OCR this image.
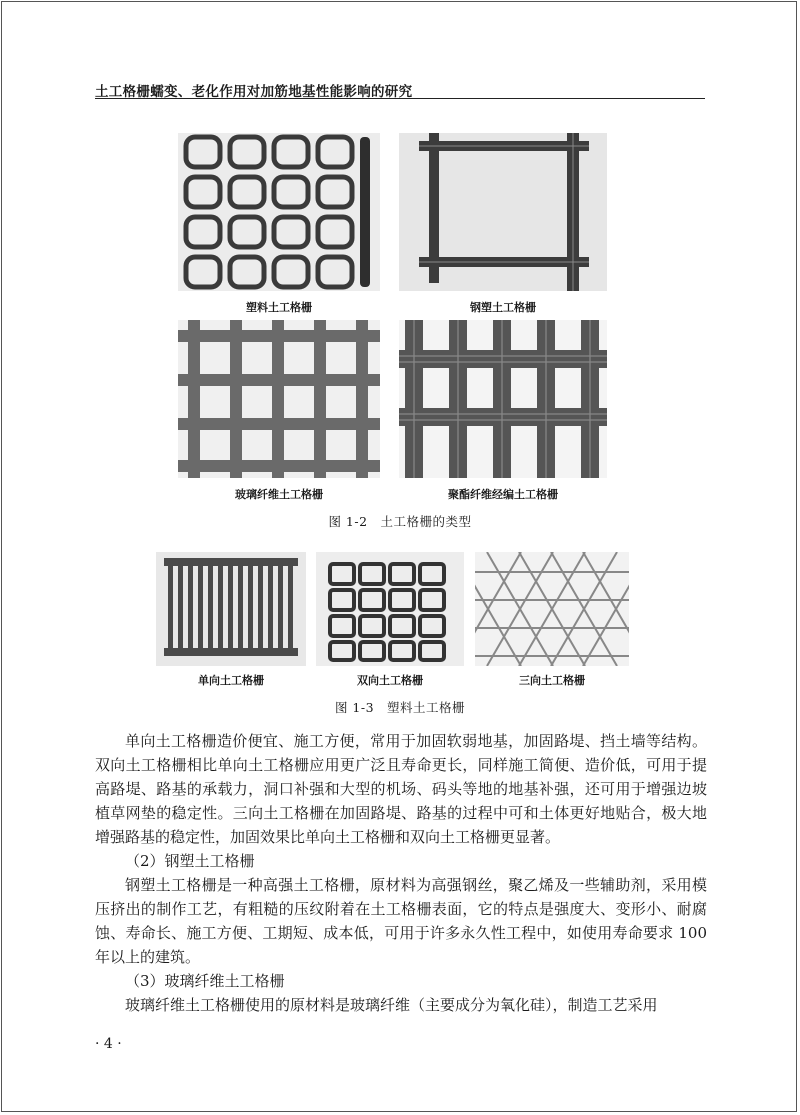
土工格栅蠕变、老化作用对加筋地基性能影响的研究
塑料土工格栅	钢塑土工格栅
玻璃纤维土工格栅	聚酯纤维经编土工格栅
图 1-2　土工格栅的类型
单向土工格栅	双向土工格栅	三向土工格栅
图 1-3　塑料土工格栅

单向土工格栅造价便宜、施工方便，常用于加固软弱地基，加固路堤、挡土墙等结构。双向土工格栅相比单向土工格栅应用更广泛且寿命更长，同样施工简便、造价低，可用于提高路堤、路基的承载力，洞口补强和大型的机场、码头等地的地基补强，还可用于增强边坡植草网垫的稳定性。三向土工格栅在加固路堤、路基的过程中可和土体更好地贴合，极大地增强路基的稳定性，加固效果比单向土工格栅和双向土工格栅更显著。

（2）钢塑土工格栅

钢塑土工格栅是一种高强土工格栅，原材料为高强钢丝，聚乙烯及一些辅助剂，采用模压挤出的制作工艺，有粗糙的压纹附着在土工格栅表面，它的特点是强度大、变形小、耐腐蚀、寿命长、施工方便、工期短、成本低，可用于许多永久性工程中，如使用寿命要求 100 年以上的建筑。

（3）玻璃纤维土工格栅

玻璃纤维土工格栅使用的原材料是玻璃纤维（主要成分为氧化硅），制造工艺采用

· 4 ·
